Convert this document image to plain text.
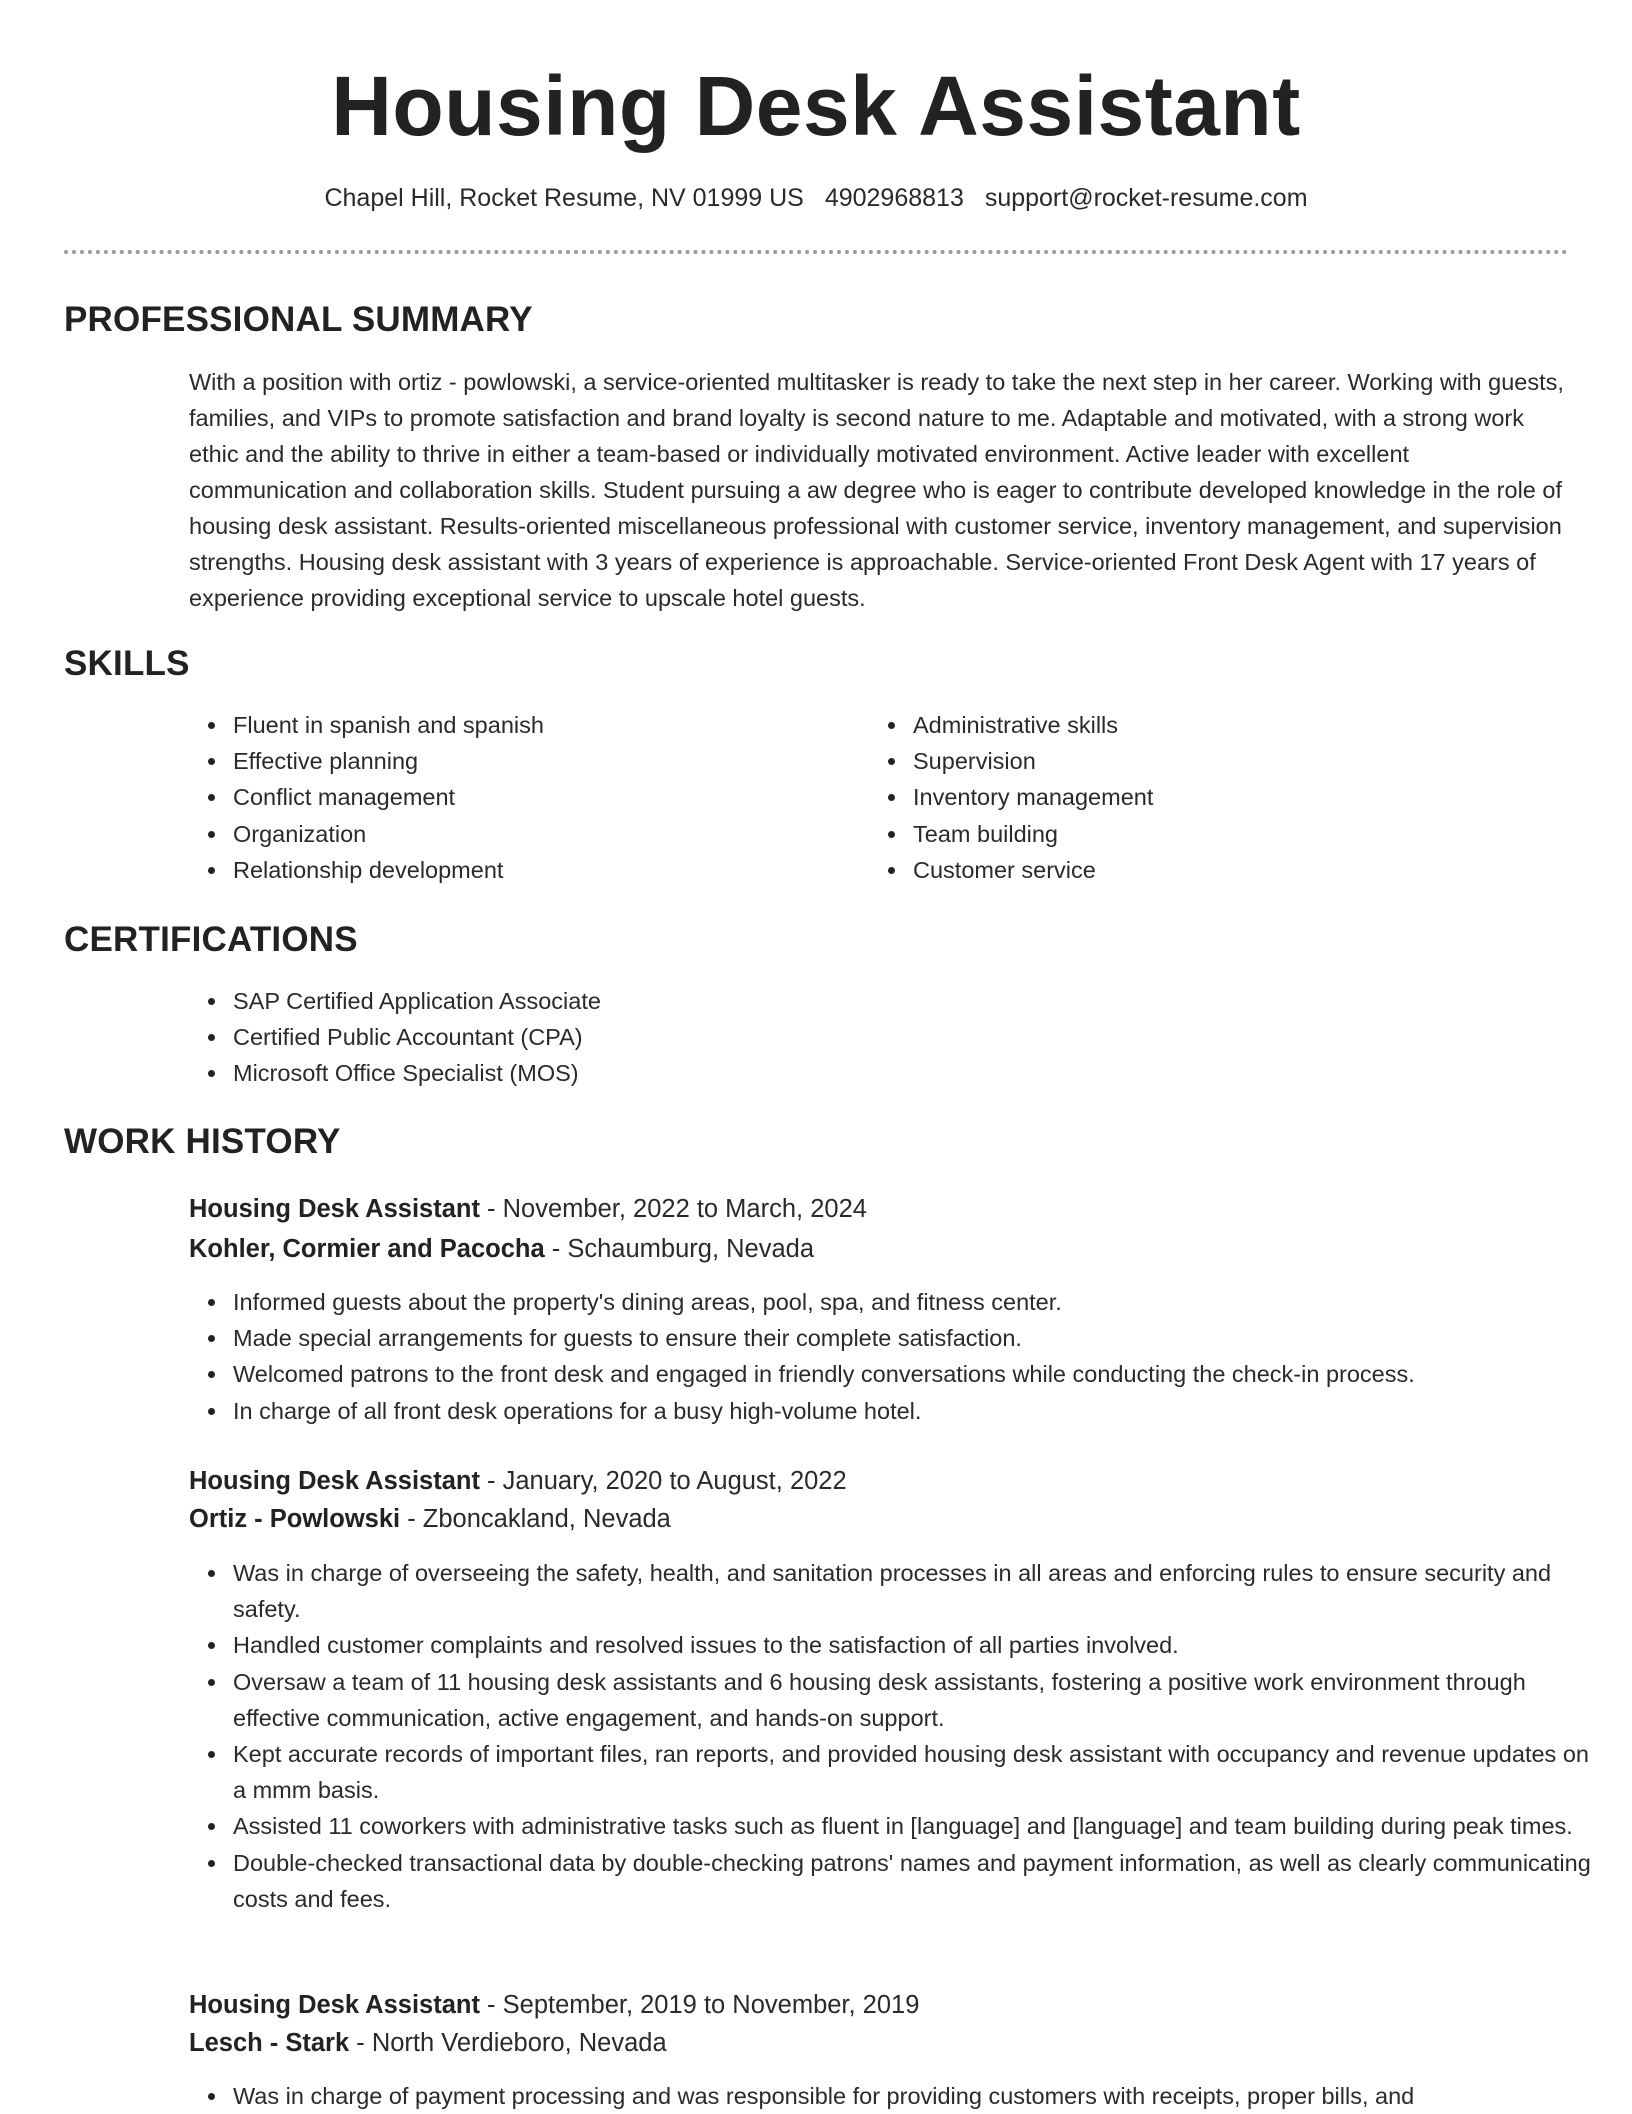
Housing Desk Assistant
Chapel Hill, Rocket Resume, NV 01999 US 4902968813 support@rocket-resume.com
PROFESSIONAL SUMMARY

With a position with ortiz - powlowski, a service-oriented multitasker is ready to take the next step in her career. Working with guests, families, and VIPs to promote satisfaction and brand loyalty is second nature to me. Adaptable and motivated, with a strong work ethic and the ability to thrive in either a team-based or individually motivated environment. Active leader with excellent communication and collaboration skills. Student pursuing a aw degree who is eager to contribute developed knowledge in the role of housing desk assistant. Results-oriented miscellaneous professional with customer service, inventory management, and supervision strengths. Housing desk assistant with 3 years of experience is approachable. Service-oriented Front Desk Agent with 17 years of experience providing exceptional service to upscale hotel guests.

SKILLS
Fluent in spanish and spanish
Effective planning
Conflict management
Organization
Relationship development
Administrative skills
Supervision
Inventory management
Team building
Customer service
CERTIFICATIONS
SAP Certified Application Associate
Certified Public Accountant (CPA)
Microsoft Office Specialist (MOS)
WORK HISTORY
Housing Desk Assistant - November, 2022 to March, 2024
Kohler, Cormier and Pacocha - Schaumburg, Nevada
Informed guests about the property's dining areas, pool, spa, and fitness center.
Made special arrangements for guests to ensure their complete satisfaction.
Welcomed patrons to the front desk and engaged in friendly conversations while conducting the check-in process.
In charge of all front desk operations for a busy high-volume hotel.
Housing Desk Assistant - January, 2020 to August, 2022
Ortiz - Powlowski - Zboncakland, Nevada
Was in charge of overseeing the safety, health, and sanitation processes in all areas and enforcing rules to ensure security and safety.
Handled customer complaints and resolved issues to the satisfaction of all parties involved.
Oversaw a team of 11 housing desk assistants and 6 housing desk assistants, fostering a positive work environment through effective communication, active engagement, and hands-on support.
Kept accurate records of important files, ran reports, and provided housing desk assistant with occupancy and revenue updates on a mmm basis.
Assisted 11 coworkers with administrative tasks such as fluent in [language] and [language] and team building during peak times.
Double-checked transactional data by double-checking patrons' names and payment information, as well as clearly communicating costs and fees.
Housing Desk Assistant - September, 2019 to November, 2019
Lesch - Stark - North Verdieboro, Nevada
Was in charge of payment processing and was responsible for providing customers with receipts, proper bills, and
